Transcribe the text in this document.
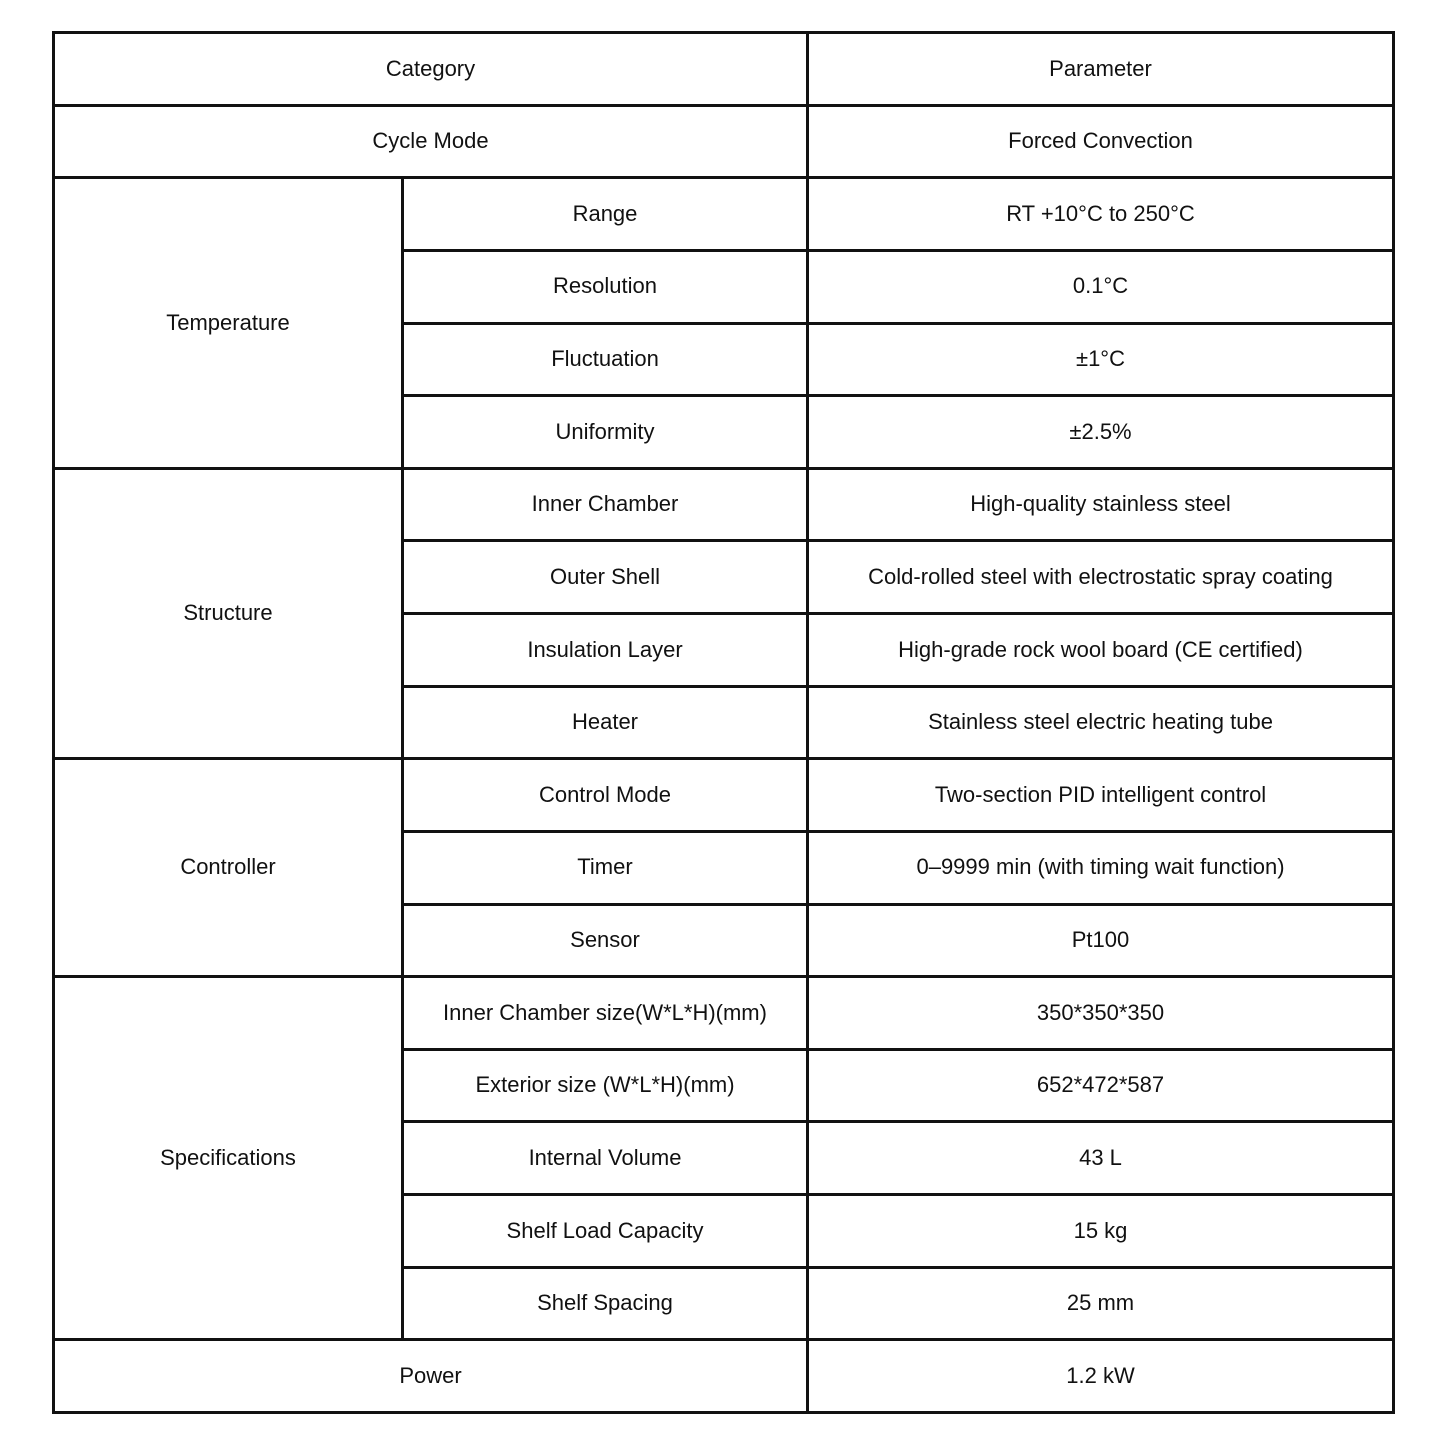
Category		Parameter
Cycle Mode		Forced Convection
Temperature	Range	RT +10°C to 250°C
	Resolution	0.1°C
	Fluctuation	±1°C
	Uniformity	±2.5%
Structure	Inner Chamber	High-quality stainless steel
	Outer Shell	Cold-rolled steel with electrostatic spray coating
	Insulation Layer	High-grade rock wool board (CE certified)
	Heater	Stainless steel electric heating tube
Controller	Control Mode	Two-section PID intelligent control
	Timer	0–9999 min (with timing wait function)
	Sensor	Pt100
Specifications	Inner Chamber size(W*L*H)(mm)	350*350*350
	Exterior size (W*L*H)(mm)	652*472*587
	Internal Volume	43 L
	Shelf Load Capacity	15 kg
	Shelf Spacing	25 mm
Power		1.2 kW
